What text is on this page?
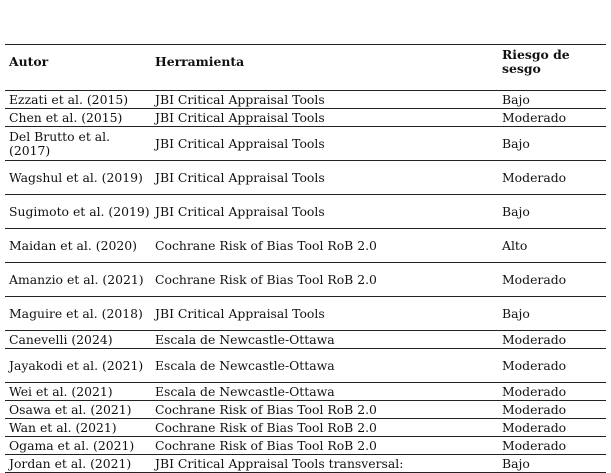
Autor	Herramienta	Riesgo de sesgo
Ezzati et al. (2015)	JBI Critical Appraisal Tools	Bajo
Chen et al. (2015)	JBI Critical Appraisal Tools	Moderado
Del Brutto et al. (2017)	JBI Critical Appraisal Tools	Bajo
Wagshul et al. (2019)	JBI Critical Appraisal Tools	Moderado
Sugimoto et al. (2019)	JBI Critical Appraisal Tools	Bajo
Maidan et al. (2020)	Cochrane Risk of Bias Tool RoB 2.0	Alto
Amanzio et al. (2021)	Cochrane Risk of Bias Tool RoB 2.0	Moderado
Maguire et al. (2018)	JBI Critical Appraisal Tools	Bajo
Canevelli (2024)	Escala de Newcastle-Ottawa	Moderado
Jayakodi et al. (2021)	Escala de Newcastle-Ottawa	Moderado
Wei et al. (2021)	Escala de Newcastle-Ottawa	Moderado
Osawa et al. (2021)	Cochrane Risk of Bias Tool RoB 2.0	Moderado
Wan et al. (2021)	Cochrane Risk of Bias Tool RoB 2.0	Moderado
Ogama et al. (2021)	Cochrane Risk of Bias Tool RoB 2.0	Moderado
Jordan et al. (2021)	JBI Critical Appraisal Tools transversal:	Bajo
